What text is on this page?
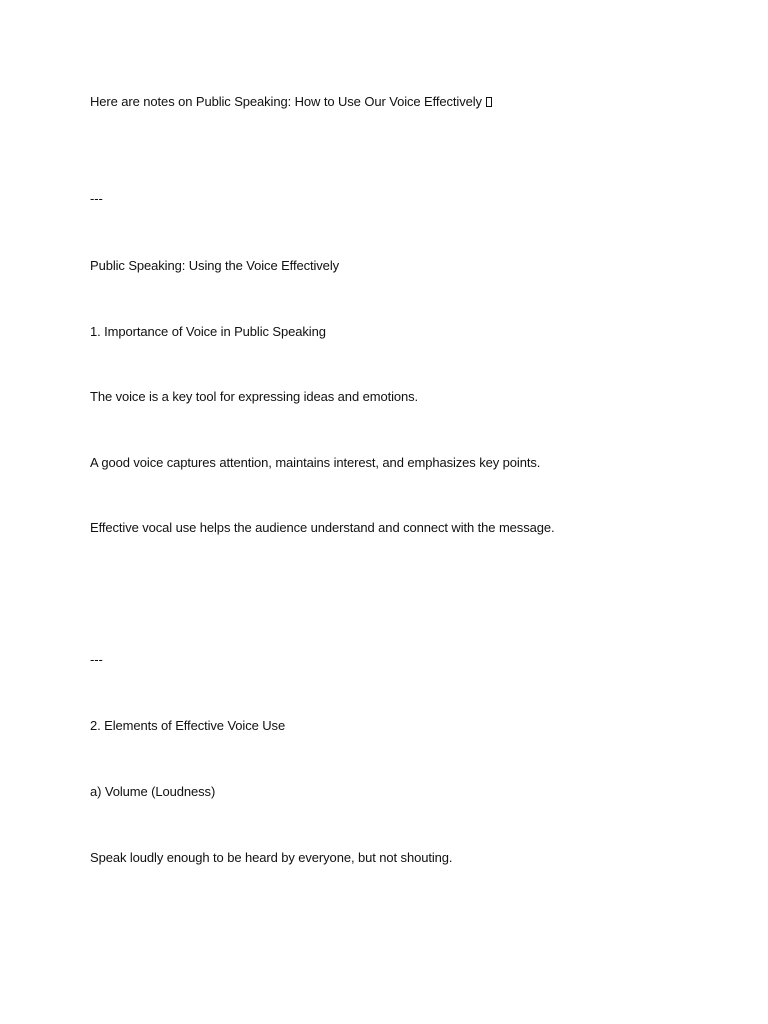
Here are notes on Public Speaking: How to Use Our Voice Effectively
---
Public Speaking: Using the Voice Effectively
1. Importance of Voice in Public Speaking
The voice is a key tool for expressing ideas and emotions.
A good voice captures attention, maintains interest, and emphasizes key points.
Effective vocal use helps the audience understand and connect with the message.
---
2. Elements of Effective Voice Use
a) Volume (Loudness)
Speak loudly enough to be heard by everyone, but not shouting.
